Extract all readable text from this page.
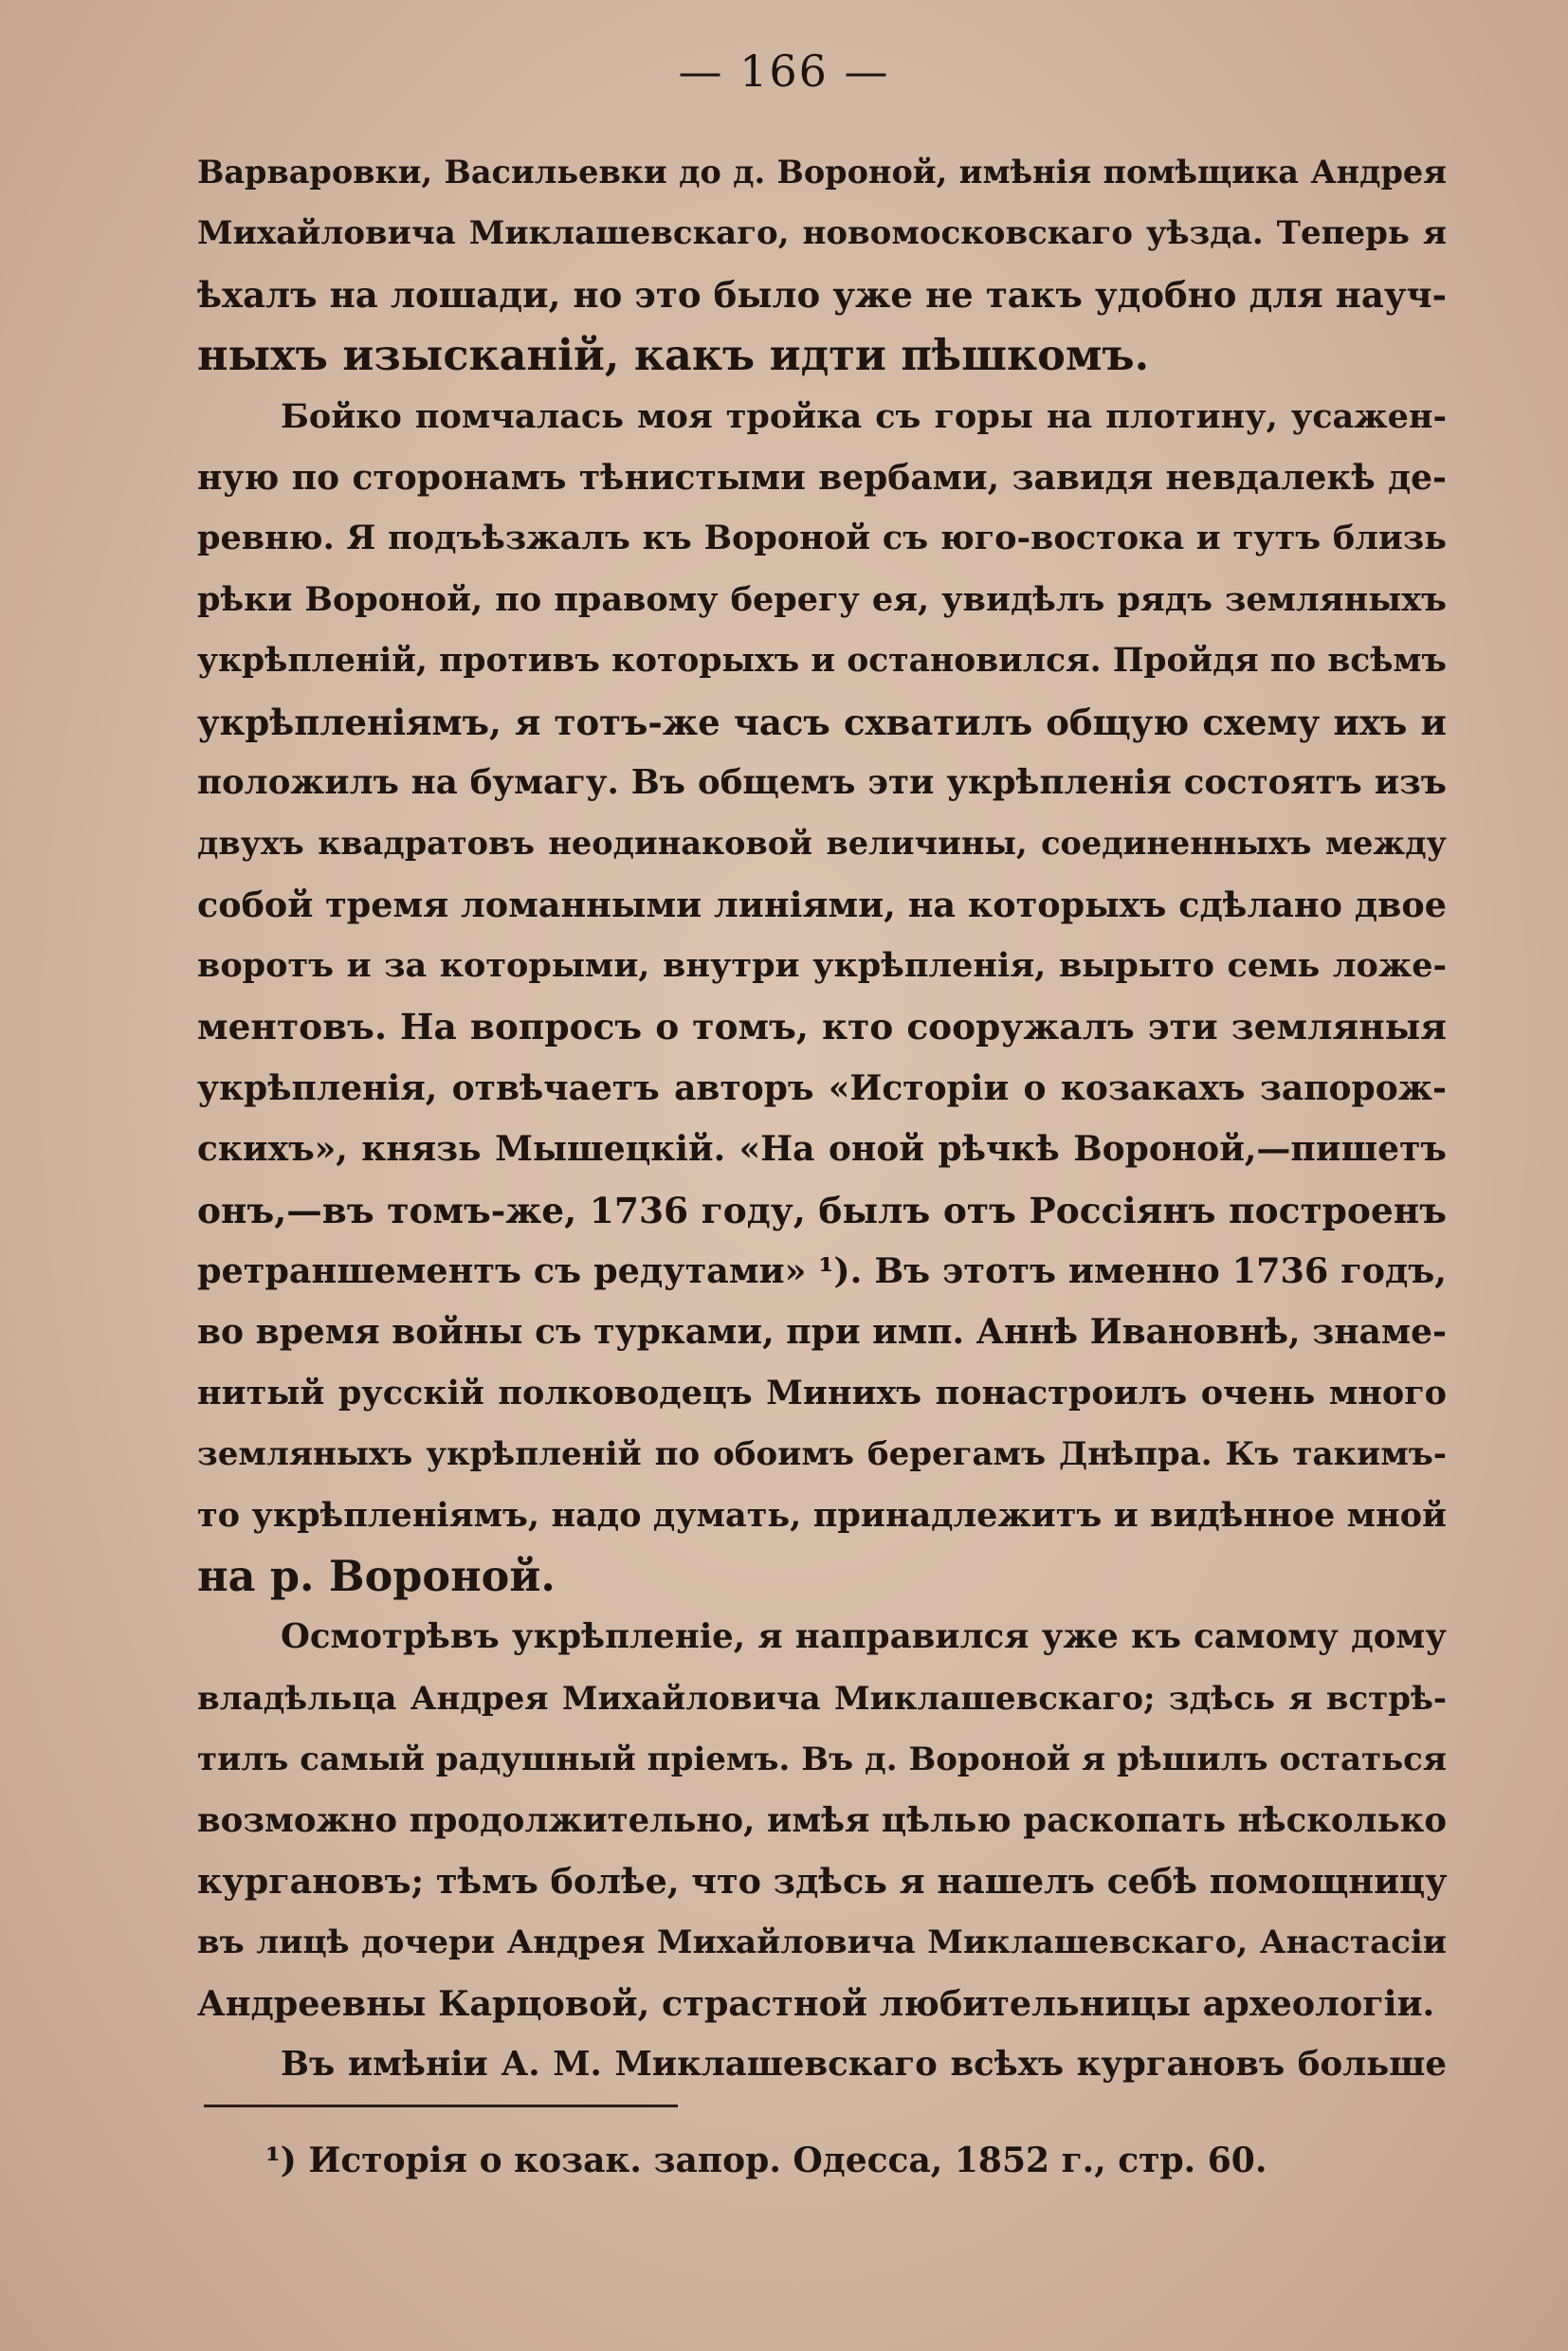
— 166 —
Варваровки, Васильевки до д. Вороной, имѣнія помѣщика Андрея
Михайловича Миклашевскаго, новомосковскаго уѣзда. Теперь я
ѣхалъ на лошади, но это было уже не такъ удобно для науч-
ныхъ изысканій, какъ идти пѣшкомъ.
Бойко помчалась моя тройка съ горы на плотину, усажен-
ную по сторонамъ тѣнистыми вербами, завидя невдалекѣ де-
ревню. Я подъѣзжалъ къ Вороной съ юго-востока и тутъ близь
рѣки Вороной, по правому берегу ея, увидѣлъ рядъ земляныхъ
укрѣпленій, противъ которыхъ и остановился. Пройдя по всѣмъ
укрѣпленіямъ, я тотъ-же часъ схватилъ общую схему ихъ и
положилъ на бумагу. Въ общемъ эти укрѣпленія состоятъ изъ
двухъ квадратовъ неодинаковой величины, соединенныхъ между
собой тремя ломанными линіями, на которыхъ сдѣлано двое
воротъ и за которыми, внутри укрѣпленія, вырыто семь ложе-
ментовъ. На вопросъ о томъ, кто сооружалъ эти земляныя
укрѣпленія, отвѣчаетъ авторъ «Исторіи о козакахъ запорож-
скихъ», князь Мышецкій. «На оной рѣчкѣ Вороной,—пишетъ
онъ,—въ томъ-же, 1736 году, былъ отъ Россіянъ построенъ
ретраншементъ съ редутами» ¹). Въ этотъ именно 1736 годъ,
во время войны съ турками, при имп. Аннѣ Ивановнѣ, знаме-
нитый русскій полководецъ Минихъ понастроилъ очень много
земляныхъ укрѣпленій по обоимъ берегамъ Днѣпра. Къ такимъ-
то укрѣпленіямъ, надо думать, принадлежитъ и видѣнное мной
на р. Вороной.
Осмотрѣвъ укрѣпленіе, я направился уже къ самому дому
владѣльца Андрея Михайловича Миклашевскаго; здѣсь я встрѣ-
тилъ самый радушный пріемъ. Въ д. Вороной я рѣшилъ остаться
возможно продолжительно, имѣя цѣлью раскопать нѣсколько
кургановъ; тѣмъ болѣе, что здѣсь я нашелъ себѣ помощницу
въ лицѣ дочери Андрея Михайловича Миклашевскаго, Анастасіи
Андреевны Карцовой, страстной любительницы археологіи.
Въ имѣніи А. М. Миклашевскаго всѣхъ кургановъ больше
¹) Исторія о козак. запор. Одесса, 1852 г., стр. 60.
